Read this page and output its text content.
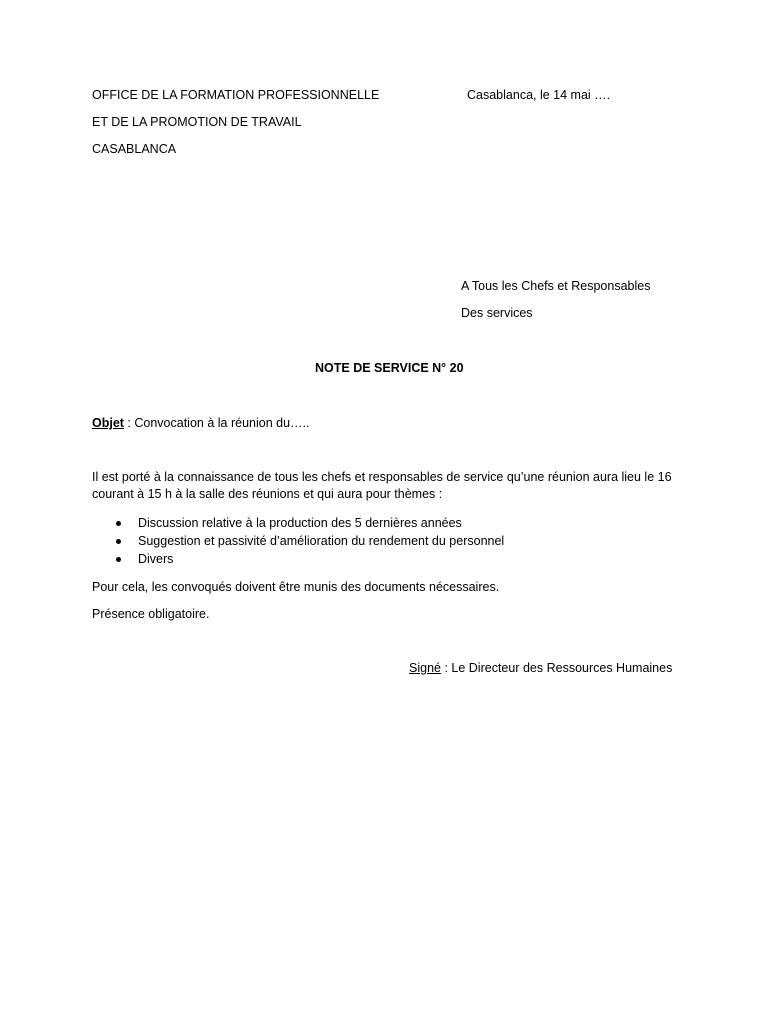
OFFICE DE LA FORMATION PROFESSIONNELLE
ET DE LA PROMOTION DE TRAVAIL
CASABLANCA
Casablanca, le 14 mai ….
A Tous les Chefs et Responsables
Des services
NOTE DE SERVICE N° 20
Objet : Convocation à la réunion du…..
Il est porté à la connaissance de tous les chefs et responsables de service qu’une réunion aura lieu le 16 courant à 15 h à la salle des réunions et qui aura pour thèmes :
Discussion relative à la production des 5 dernières années
Suggestion et passivité d’amélioration du rendement du personnel
Divers
Pour cela, les convoqués doivent être munis des documents nécessaires.
Présence obligatoire.
Signé : Le Directeur des Ressources Humaines
